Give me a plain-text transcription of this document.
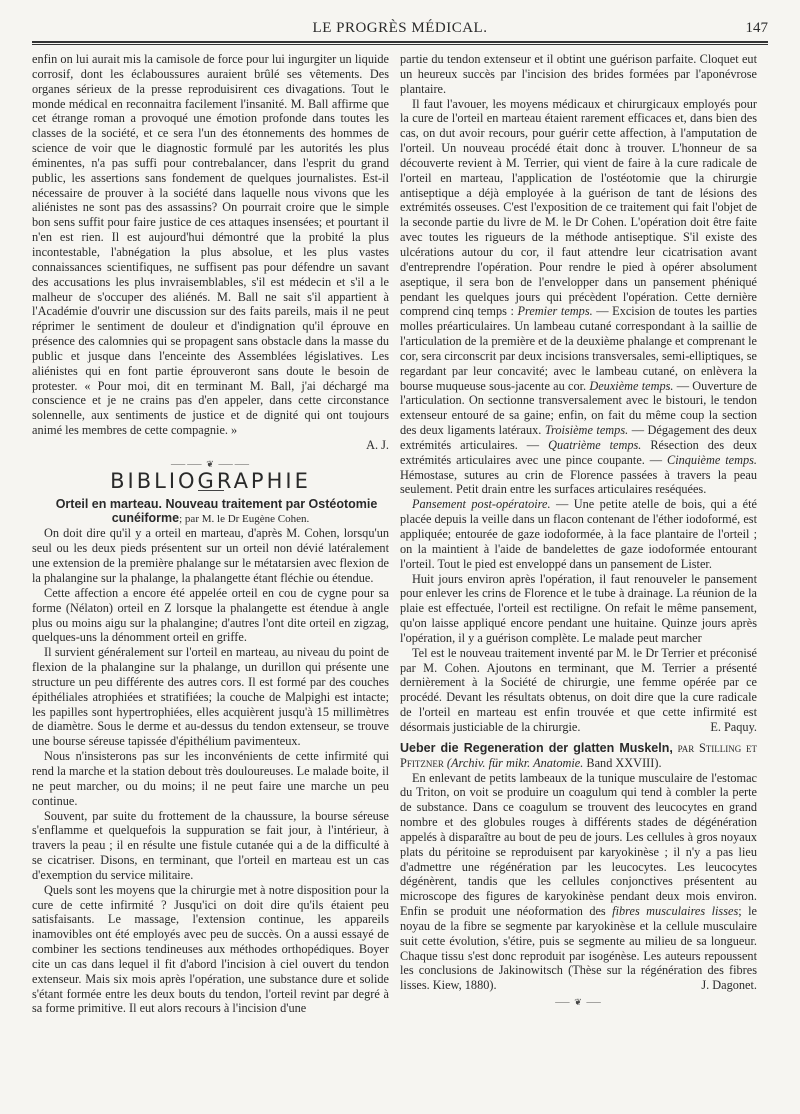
LE PROGRÈS MÉDICAL.	147

enfin on lui aurait mis la camisole de force pour lui ingurgiter un liquide corrosif, dont les éclaboussures auraient brûlé ses vêtements. Des organes sérieux de la presse reproduisirent ces divagations. Tout le monde médical en reconnaitra facilement l'insanité. M. Ball affirme que cet étrange roman a provoqué une émotion profonde dans toutes les classes de la société, et ce sera l'un des étonnements des hommes de science de voir que le diagnostic formulé par les autorités les plus éminentes, n'a pas suffi pour contrebalancer, dans l'esprit du grand public, les assertions sans fondement de quelques journalistes. Est-il nécessaire de prouver à la société dans laquelle nous vivons que les aliénistes ne sont pas des assassins? On pourrait croire que le simple bon sens suffit pour faire justice de ces attaques insensées; et pourtant il n'en est rien. Il est aujourd'hui démontré que la probité la plus incontestable, l'abnégation la plus absolue, et les plus vastes connaissances scientifiques, ne suffisent pas pour défendre un savant des accusations les plus invraisemblables, s'il est médecin et s'il a le malheur de s'occuper des aliénés. M. Ball ne sait s'il appartient à l'Académie d'ouvrir une discussion sur des faits pareils, mais il ne peut réprimer le sentiment de douleur et d'indignation qu'il éprouve en présence des calomnies qui se propagent sans obstacle dans la masse du public et jusque dans l'enceinte des Assemblées législatives. Les aliénistes qui en font partie éprouveront sans doute le besoin de protester. « Pour moi, dit en terminant M. Ball, j'ai déchargé ma conscience et je ne crains pas d'en appeler, dans cette circonstance solennelle, aux sentiments de justice et de dignité qui ont toujours animé les membres de cette compagnie. »

A. J.

⸺⸺ ❦ ⸺⸺
BIBLIOGRAPHIE

Orteil en marteau. Nouveau traitement par Ostéotomie cunéiforme; par M. le Dr Eugène Cohen.

On doit dire qu'il y a orteil en marteau, d'après M. Cohen, lorsqu'un seul ou les deux pieds présentent sur un orteil non dévié latéralement une extension de la première phalange sur le métatarsien avec flexion de la phalangine sur la phalange, la phalangette étant fléchie ou étendue.

Cette affection a encore été appelée orteil en cou de cygne pour sa forme (Nélaton) orteil en Z lorsque la phalangette est étendue à angle plus ou moins aigu sur la phalangine; d'autres l'ont dite orteil en zigzag, quelques-uns la dénomment orteil en griffe.

Il survient généralement sur l'orteil en marteau, au niveau du point de flexion de la phalangine sur la phalange, un durillon qui présente une structure un peu différente des autres cors. Il est formé par des couches épithéliales atrophiées et stratifiées; la couche de Malpighi est intacte; les papilles sont hypertrophiées, elles acquièrent jusqu'à 15 millimètres de diamètre. Sous le derme et au-dessus du tendon extenseur, se trouve une bourse séreuse tapissée d'épithélium pavimenteux.

Nous n'insisterons pas sur les inconvénients de cette infirmité qui rend la marche et la station debout très douloureuses. Le malade boite, il ne peut marcher, ou du moins; il ne peut faire une marche un peu continue.

Souvent, par suite du frottement de la chaussure, la bourse séreuse s'enflamme et quelquefois la suppuration se fait jour, à l'intérieur, à travers la peau ; il en résulte une fistule cutanée qui a de la difficulté à se cicatriser. Disons, en terminant, que l'orteil en marteau est un cas d'exemption du service militaire.

Quels sont les moyens que la chirurgie met à notre disposition pour la cure de cette infirmité ? Jusqu'ici on doit dire qu'ils étaient peu satisfaisants. Le massage, l'extension continue, les appareils inamovibles ont été employés avec peu de succès. On a aussi essayé de combiner les sections tendineuses aux méthodes orthopédiques. Boyer cite un cas dans lequel il fit d'abord l'incision à ciel ouvert du tendon extenseur. Mais six mois après l'opération, une substance dure et solide s'étant formée entre les deux bouts du tendon, l'orteil revint par degré à sa forme primitive. Il eut alors recours à l'incision d'une

partie du tendon extenseur et il obtint une guérison parfaite. Cloquet eut un heureux succès par l'incision des brides formées par l'aponévrose plantaire.

Il faut l'avouer, les moyens médicaux et chirurgicaux employés pour la cure de l'orteil en marteau étaient rarement efficaces et, dans bien des cas, on dut avoir recours, pour guérir cette affection, à l'amputation de l'orteil. Un nouveau procédé était donc à trouver. L'honneur de sa découverte revient à M. Terrier, qui vient de faire à la cure radicale de l'orteil en marteau, l'application de l'ostéotomie que la chirurgie antiseptique a déjà employée à la guérison de tant de lésions des extrémités osseuses. C'est l'exposition de ce traitement qui fait l'objet de la seconde partie du livre de M. le Dr Cohen. L'opération doit être faite avec toutes les rigueurs de la méthode antiseptique. S'il existe des ulcérations autour du cor, il faut attendre leur cicatrisation avant d'entreprendre l'opération. Pour rendre le pied à opérer absolument aseptique, il sera bon de l'envelopper dans un pansement phéniqué pendant les quelques jours qui précèdent l'opération. Cette dernière comprend cinq temps : Premier temps. — Excision de toutes les parties molles préarticulaires. Un lambeau cutané correspondant à la saillie de l'articulation de la première et de la deuxième phalange et comprenant le cor, sera circonscrit par deux incisions transversales, semi-elliptiques, se regardant par leur concavité; avec le lambeau cutané, on enlèvera la bourse muqueuse sous-jacente au cor. Deuxième temps. — Ouverture de l'articulation. On sectionne transversalement avec le bistouri, le tendon extenseur entouré de sa gaine; enfin, on fait du même coup la section des deux ligaments latéraux. Troisième temps. — Dégagement des deux extrémités articulaires. — Quatrième temps. Résection des deux extrémités articulaires avec une pince coupante. — Cinquième temps. Hémostase, sutures au crin de Florence passées à travers la peau seulement. Petit drain entre les surfaces articulaires reséquées.

Pansement post-opératoire. — Une petite atelle de bois, qui a été placée depuis la veille dans un flacon contenant de l'éther iodoformé, est appliquée; entourée de gaze iodoformée, à la face plantaire de l'orteil ; on la maintient à l'aide de bandelettes de gaze iodoformée entourant l'orteil. Tout le pied est enveloppé dans un pansement de Lister.

Huit jours environ après l'opération, il faut renouveler le pansement pour enlever les crins de Florence et le tube à drainage. La réunion de la plaie est effectuée, l'orteil est rectiligne. On refait le même pansement, qu'on laisse appliqué encore pendant une huitaine. Quinze jours après l'opération, il y a guérison complète. Le malade peut marcher

Tel est le nouveau traitement inventé par M. le Dr Terrier et préconisé par M. Cohen. Ajoutons en terminant, que M. Terrier a présenté dernièrement à la Société de chirurgie, une femme opérée par ce procédé. Devant les résultats obtenus, on doit dire que la cure radicale de l'orteil en marteau est enfin trouvée et que cette infirmité est désormais justiciable de la chirurgie.	E. Paquy.

Ueber die Regeneration der glatten Muskeln, par Stilling et Pfitzner (Archiv. für mikr. Anatomie. Band XXVIII).

En enlevant de petits lambeaux de la tunique musculaire de l'estomac du Triton, on voit se produire un coagulum qui tend à combler la perte de substance. Dans ce coagulum se trouvent des leucocytes en grand nombre et des globules rouges à différents stades de dégénération appelés à disparaître au bout de peu de jours. Les cellules à gros noyaux plats du péritoine se reproduisent par karyokinèse ; il n'y a pas lieu d'admettre une régénération par les leucocytes. Les leucocytes dégénèrent, tandis que les cellules conjonctives présentent au microscope des figures de karyokinèse pendant deux mois environ. Enfin se produit une néoformation des fibres musculaires lisses; le noyau de la fibre se segmente par karyokinèse et la cellule musculaire suit cette évolution, s'étire, puis se segmente au milieu de sa longueur. Chaque tissu s'est donc reproduit par isogénèse. Les auteurs repoussent les conclusions de Jakinowitsch (Thèse sur la régénération des fibres lisses. Kiew, 1880).	J. Dagonet.

⸺ ❦ ⸺
